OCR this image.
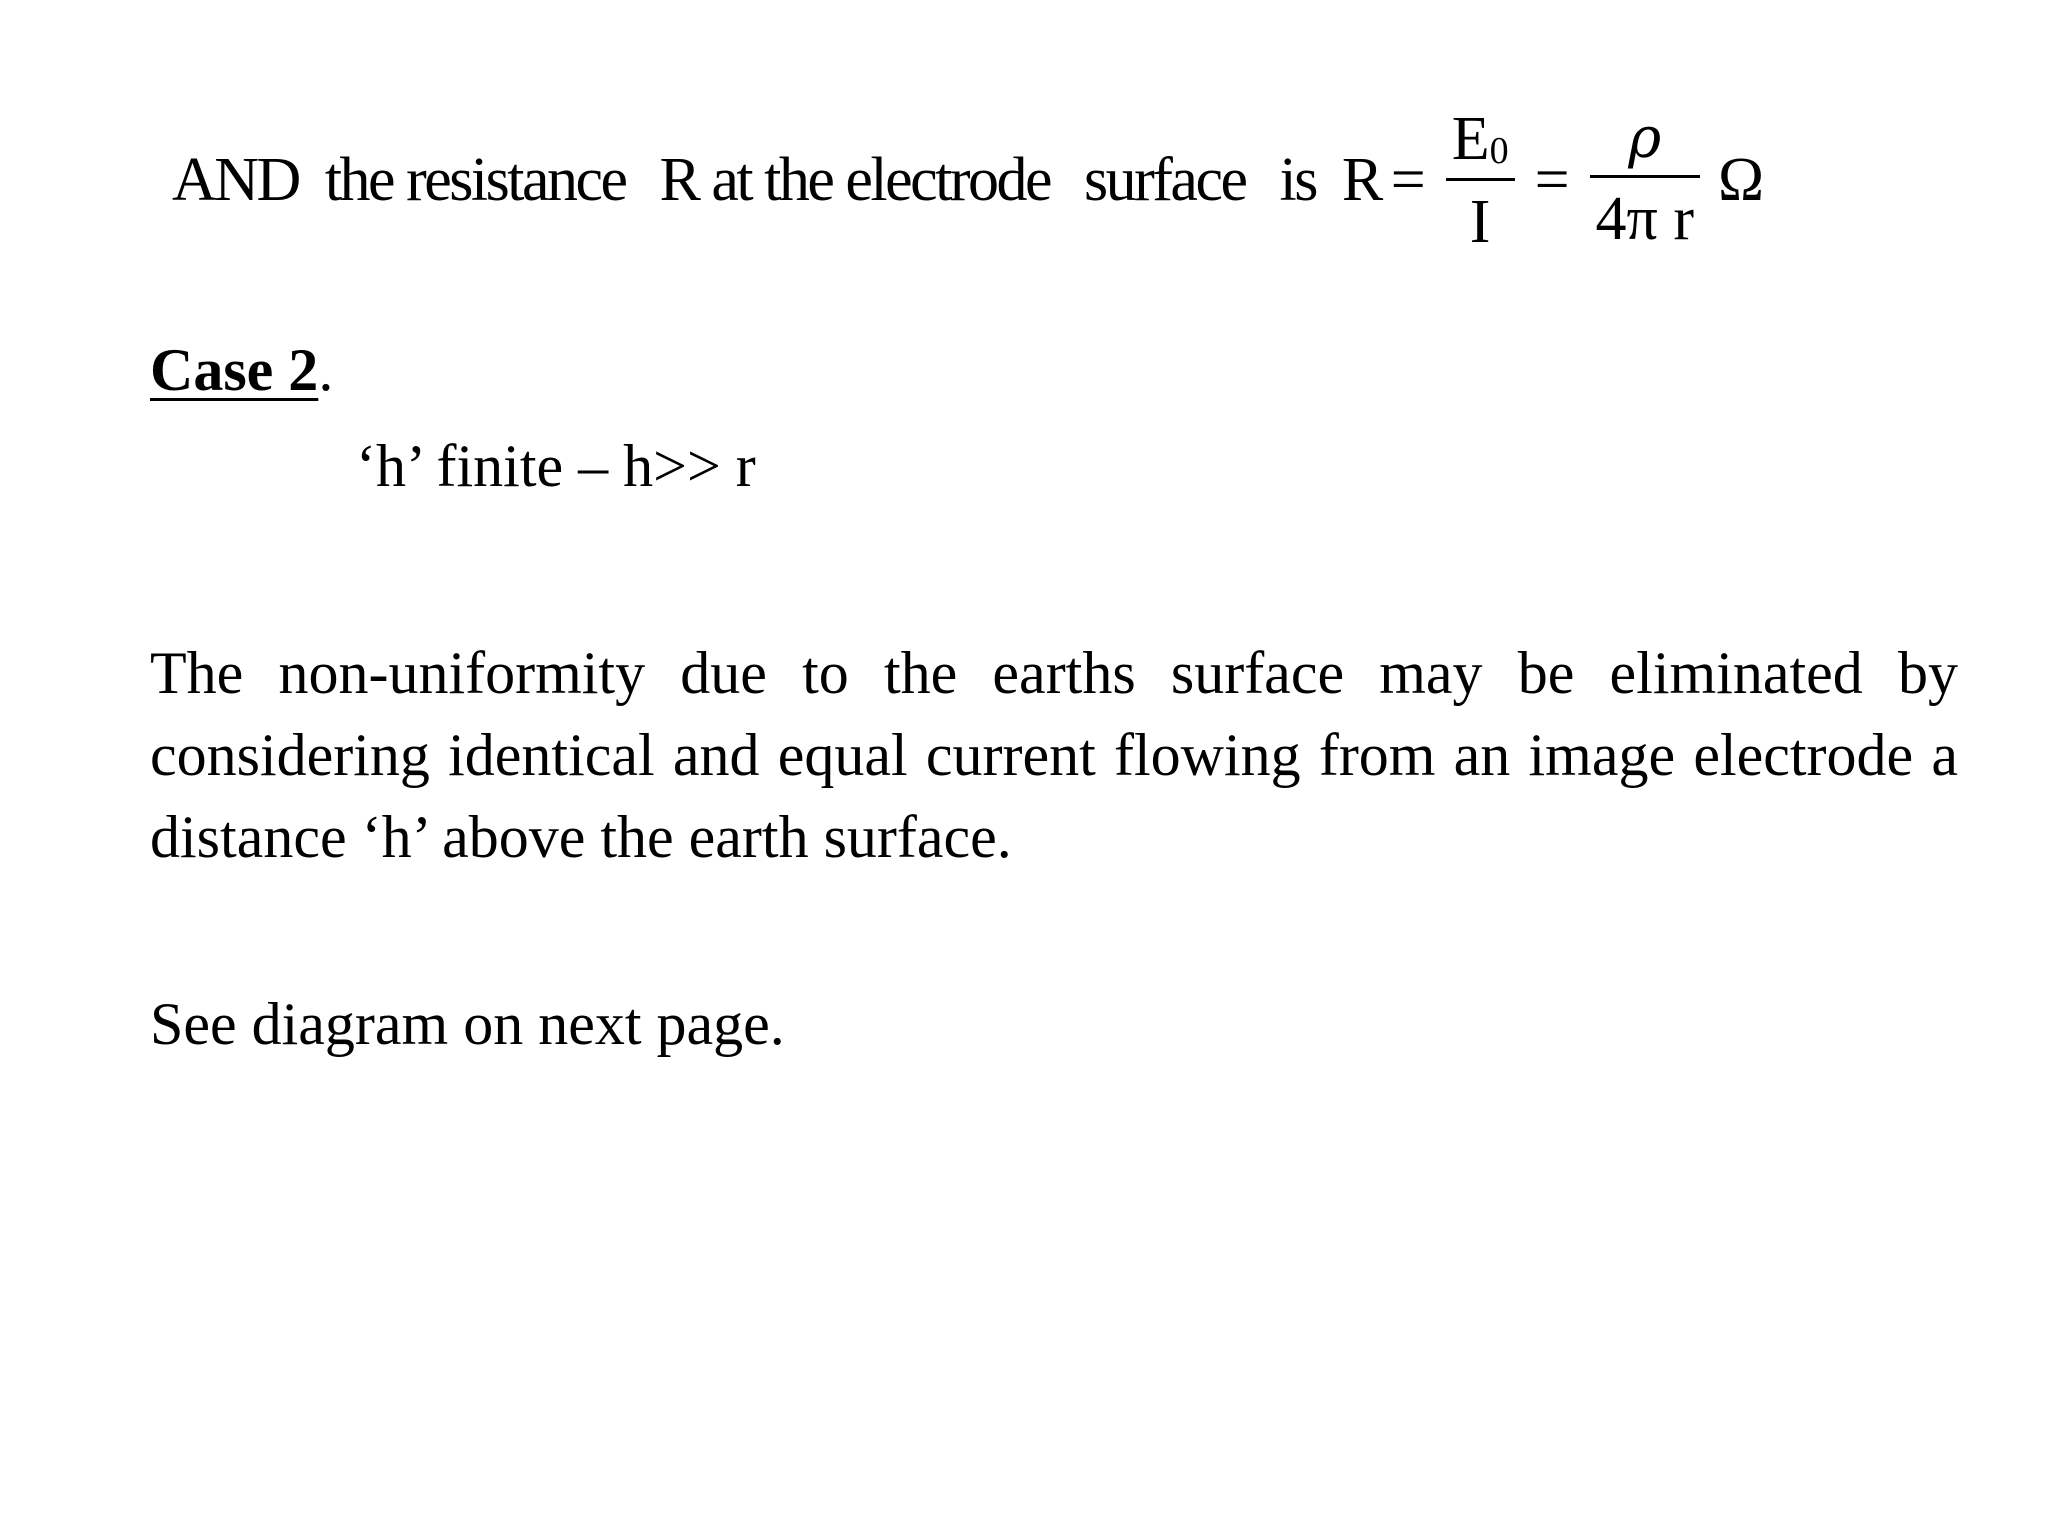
AND the resistance R at the electrode surface is $R = \frac{E_0}{I} = \frac{\rho}{\text{4π r}}$ Ω
Case 2.
‘h’ finite – h>> r

The non-uniformity due to the earths surface may be eliminated by considering identical and equal current flowing from an image electrode a distance ‘h’ above the earth surface.

See diagram on next page.
